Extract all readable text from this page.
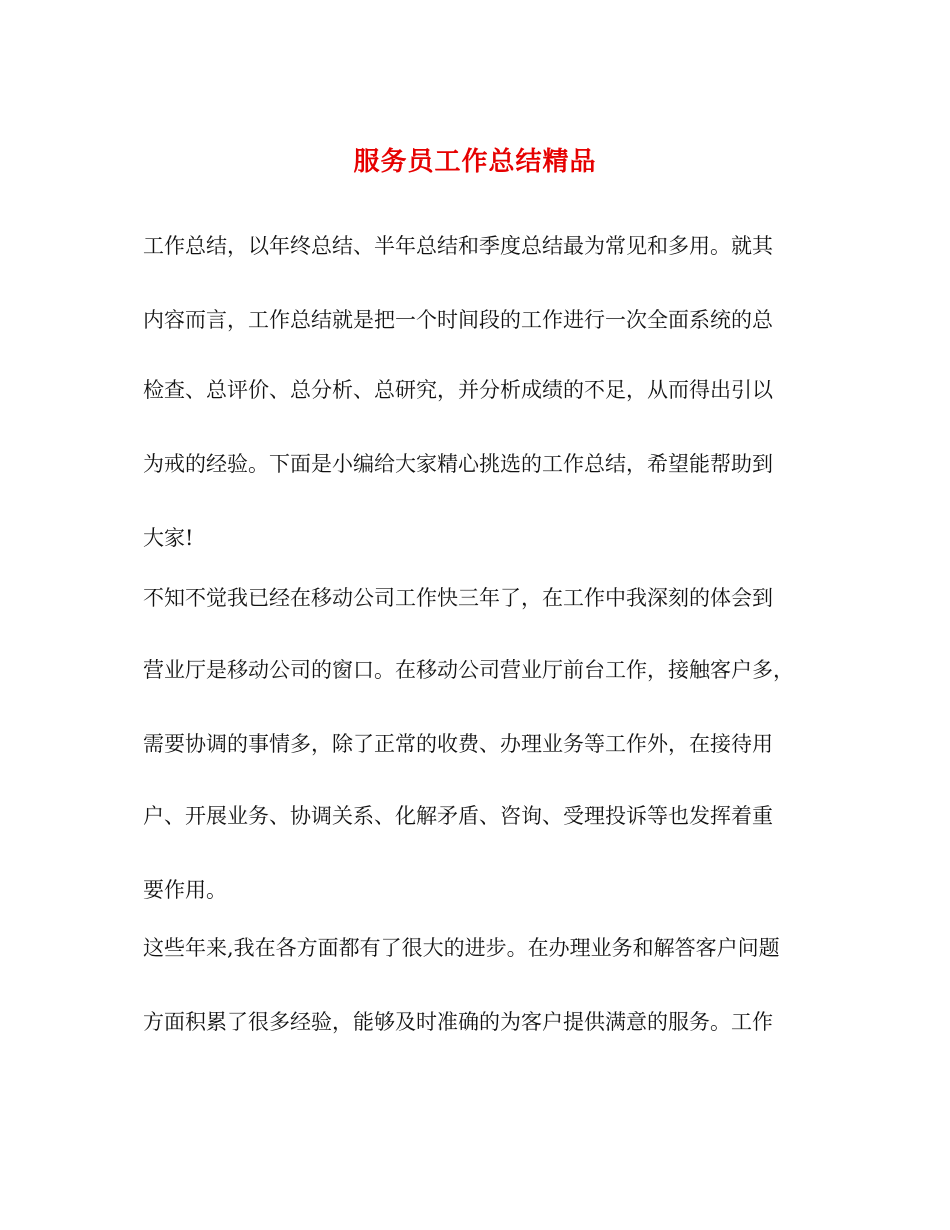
服务员工作总结精品
工作总结，以年终总结、半年总结和季度总结最为常见和多用。就其
内容而言，工作总结就是把一个时间段的工作进行一次全面系统的总
检查、总评价、总分析、总研究，并分析成绩的不足，从而得出引以
为戒的经验。下面是小编给大家精心挑选的工作总结，希望能帮助到
大家!
不知不觉我已经在移动公司工作快三年了，在工作中我深刻的体会到
营业厅是移动公司的窗口。在移动公司营业厅前台工作，接触客户多，
需要协调的事情多，除了正常的收费、办理业务等工作外，在接待用
户、开展业务、协调关系、化解矛盾、咨询、受理投诉等也发挥着重
要作用。
这些年来,我在各方面都有了很大的进步。在办理业务和解答客户问题
方面积累了很多经验，能够及时准确的为客户提供满意的服务。工作
